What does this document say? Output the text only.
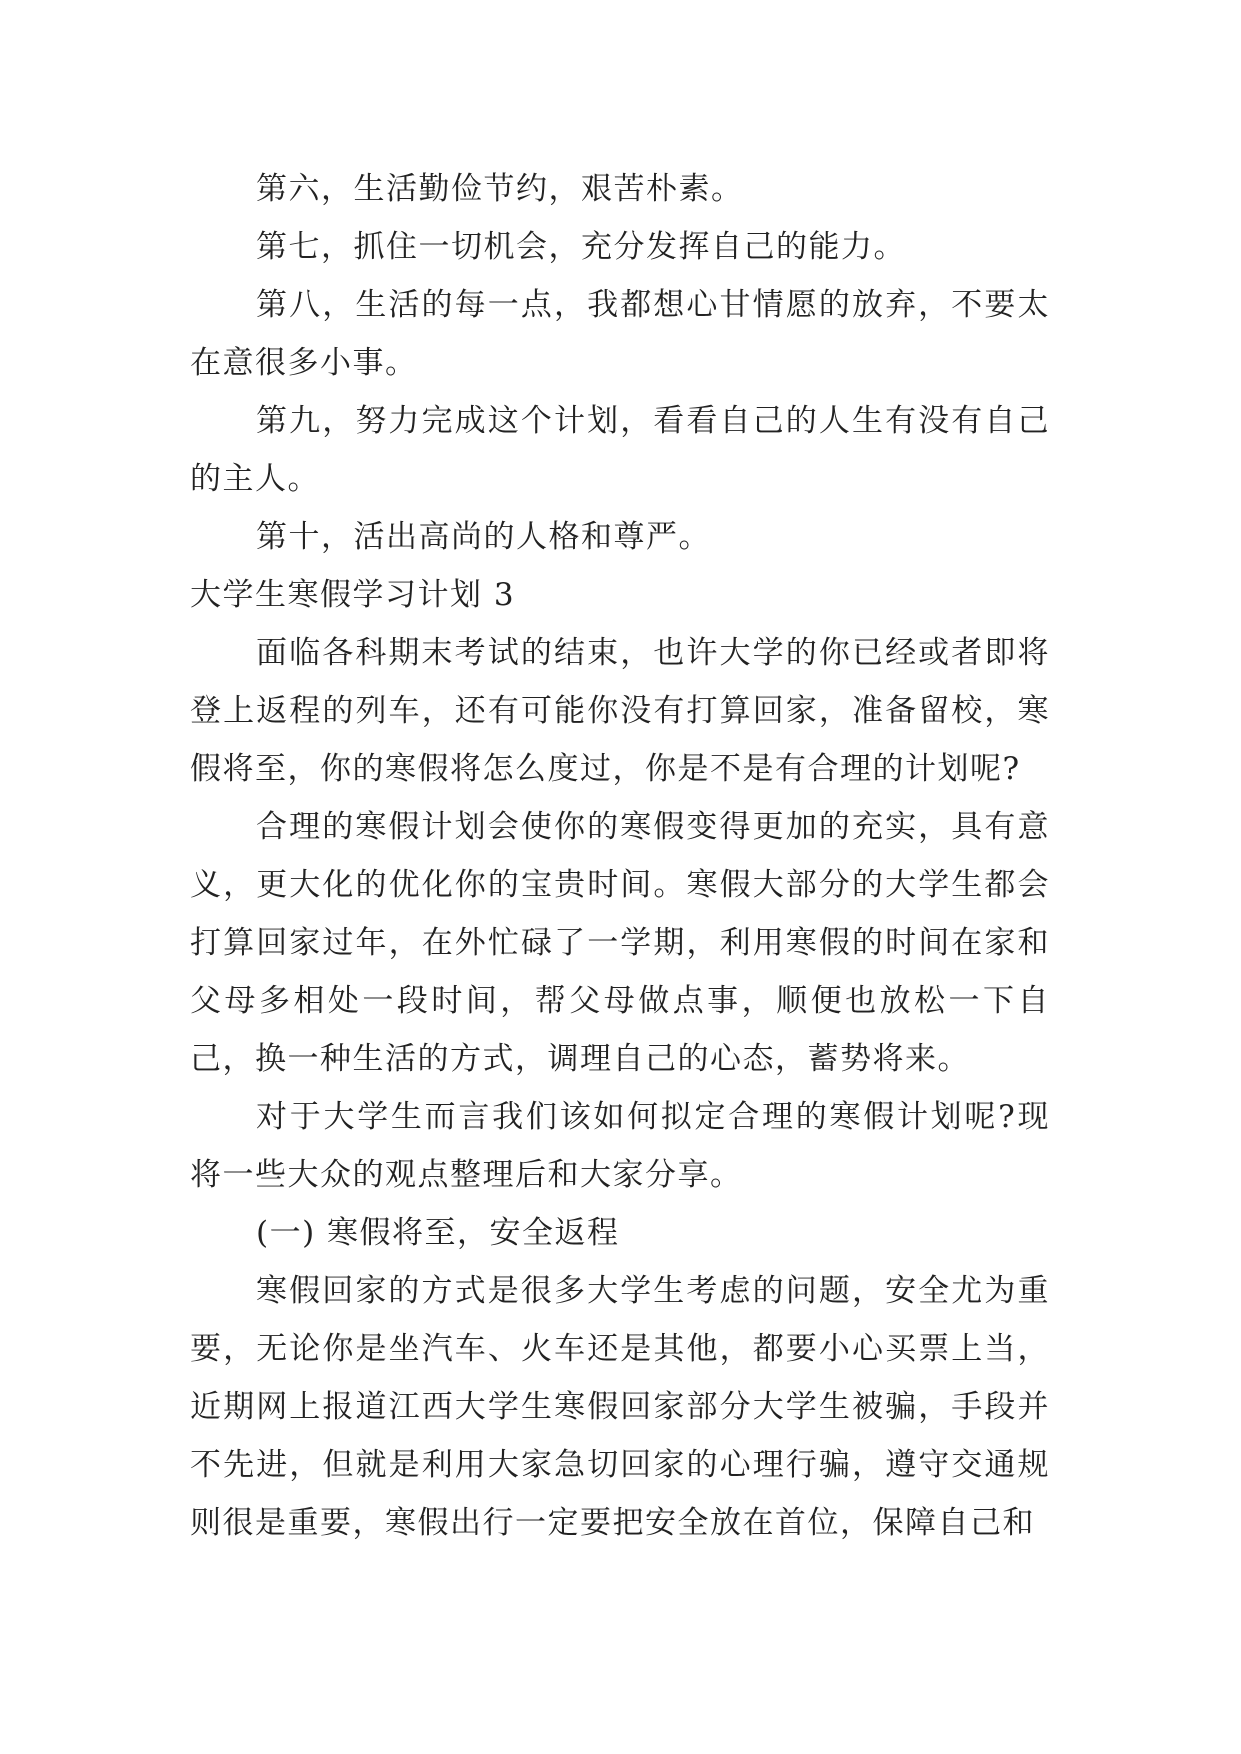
第六，生活勤俭节约，艰苦朴素。

第七，抓住一切机会，充分发挥自己的能力。

第八，生活的每一点，我都想心甘情愿的放弃，不要太在意很多小事。

第九，努力完成这个计划，看看自己的人生有没有自己的主人。

第十，活出高尚的人格和尊严。

大学生寒假学习计划 3

面临各科期末考试的结束，也许大学的你已经或者即将登上返程的列车，还有可能你没有打算回家，准备留校，寒假将至，你的寒假将怎么度过，你是不是有合理的计划呢?

合理的寒假计划会使你的寒假变得更加的充实，具有意义，更大化的优化你的宝贵时间。寒假大部分的大学生都会打算回家过年，在外忙碌了一学期，利用寒假的时间在家和父母多相处一段时间，帮父母做点事，顺便也放松一下自己，换一种生活的方式，调理自己的心态，蓄势将来。

对于大学生而言我们该如何拟定合理的寒假计划呢?现将一些大众的观点整理后和大家分享。

(一) 寒假将至，安全返程

寒假回家的方式是很多大学生考虑的问题，安全尤为重要，无论你是坐汽车、火车还是其他，都要小心买票上当，近期网上报道江西大学生寒假回家部分大学生被骗，手段并不先进，但就是利用大家急切回家的心理行骗，遵守交通规则很是重要，寒假出行一定要把安全放在首位，保障自己和
